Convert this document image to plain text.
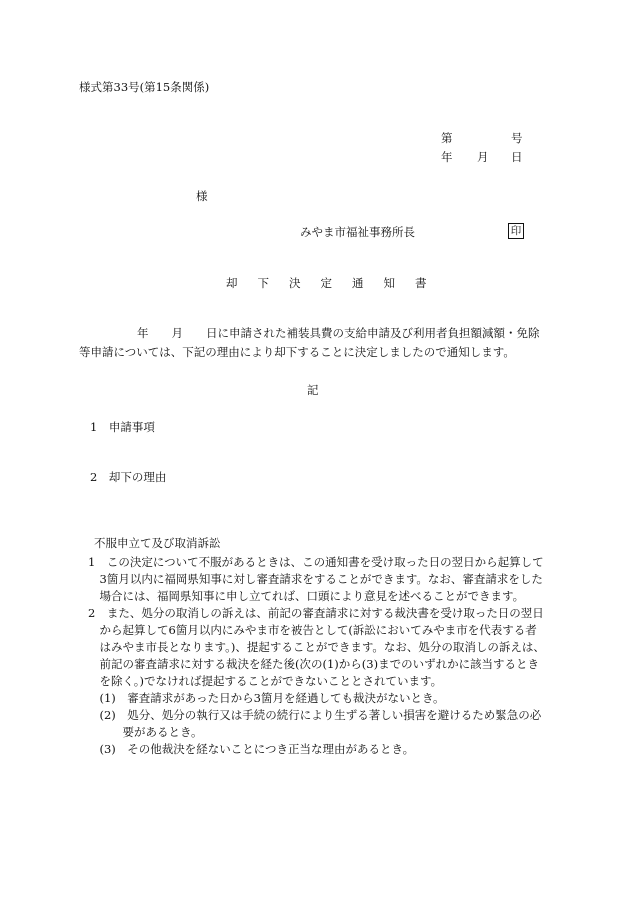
様式第33号(第15条関係)
第	号
年 月 日
様
みやま市福祉事務所長	印
却 下 決 定 通 知 書
年　　月　　日に申請された補装具費の支給申請及び利用者負担額減額・免除
等申請については、下記の理由により却下することに決定しましたので通知します。
記
1　申請事項
2　却下の理由
不服申立て及び取消訴訟
1　この決定について不服があるときは、この通知書を受け取った日の翌日から起算して
　3箇月以内に福岡県知事に対し審査請求をすることができます。なお、審査請求をした
　場合には、福岡県知事に申し立てれば、口頭により意見を述べることができます。
2　また、処分の取消しの訴えは、前記の審査請求に対する裁決書を受け取った日の翌日
　から起算して6箇月以内にみやま市を被告として(訴訟においてみやま市を代表する者
　はみやま市長となります。)、提起することができます。なお、処分の取消しの訴えは、
　前記の審査請求に対する裁決を経た後(次の(1)から(3)までのいずれかに該当するとき
　を除く。)でなければ提起することができないこととされています。
　(1)　審査請求があった日から3箇月を経過しても裁決がないとき。
　(2)　処分、処分の執行又は手続の続行により生ずる著しい損害を避けるため緊急の必
　　　要があるとき。
　(3)　その他裁決を経ないことにつき正当な理由があるとき。
